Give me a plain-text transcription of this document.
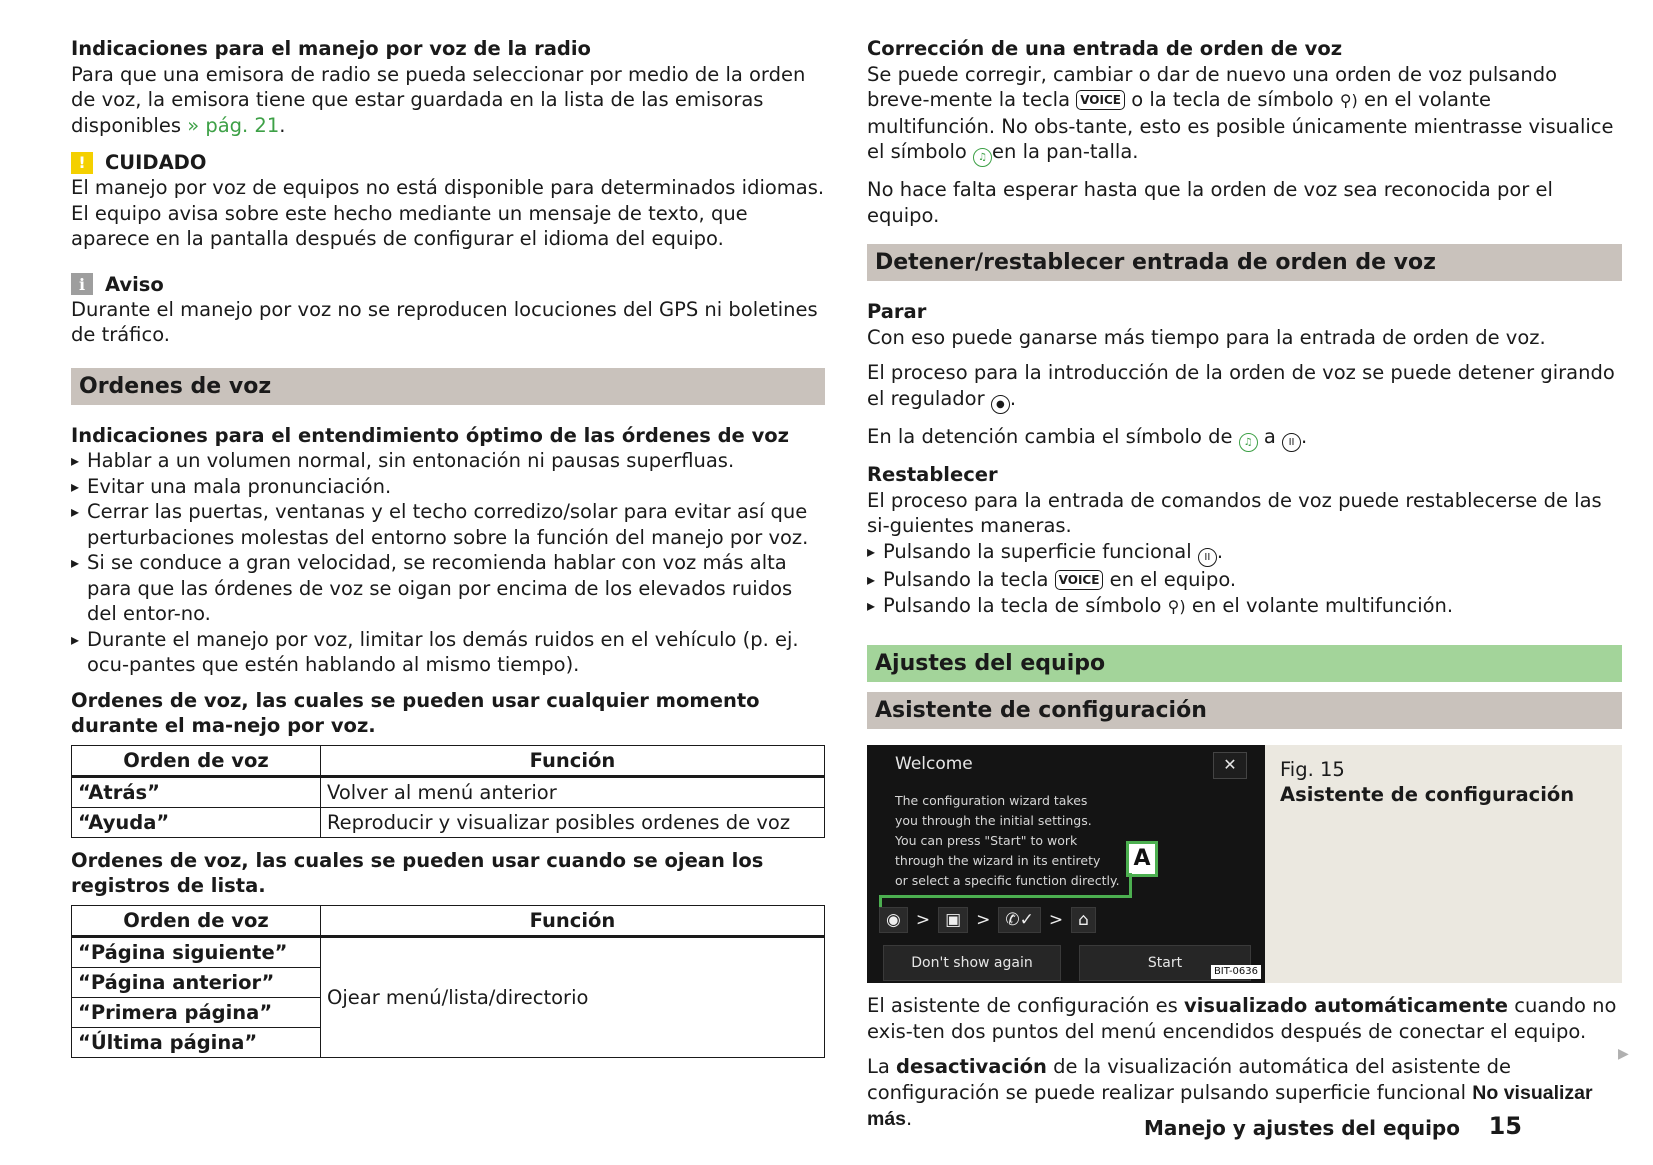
Indicaciones para el manejo por voz de la radio

Para que una emisora de radio se pueda seleccionar por medio de la orden de voz, la emisora tiene que estar guardada en la lista de las emisoras disponibles » pág. 21.

! CUIDADO

El manejo por voz de equipos no está disponible para determinados idiomas. El equipo avisa sobre este hecho mediante un mensaje de texto, que aparece en la pantalla después de configurar el idioma del equipo.

i	Aviso

Durante el manejo por voz no se reproducen locuciones del GPS ni boletines de tráfico.

Ordenes de voz

Indicaciones para el entendimiento óptimo de las órdenes de voz

▸ Hablar a un volumen normal, sin entonación ni pausas superfluas.
▸ Evitar una mala pronunciación.
▸ Cerrar las puertas, ventanas y el techo corredizo/solar para evitar así que perturbaciones molestas del entorno sobre la función del manejo por voz.
▸ Si se conduce a gran velocidad, se recomienda hablar con voz más alta para que las órdenes de voz se oigan por encima de los elevados ruidos del entor-no.
▸ Durante el manejo por voz, limitar los demás ruidos en el vehículo (p. ej. ocu-pantes que estén hablando al mismo tiempo).

Ordenes de voz, las cuales se pueden usar cualquier momento durante el ma-nejo por voz.

Orden de voz	Función
“Atrás”	Volver al menú anterior
“Ayuda”	Reproducir y visualizar posibles ordenes de voz

Ordenes de voz, las cuales se pueden usar cuando se ojean los registros de lista.

Orden de voz	Función
“Página siguiente”	Ojear menú/lista/directorio
“Página anterior”	
“Primera página”	
“Última página”	

Corrección de una entrada de orden de voz

Se puede corregir, cambiar o dar de nuevo una orden de voz pulsando breve-mente la tecla VOICE o la tecla de símbolo ⚲) en el volante multifunción. No obs-tante, esto es posible únicamente mientrasse visualice el símbolo ♫ en la pan-talla.

No hace falta esperar hasta que la orden de voz sea reconocida por el equipo.

Detener/restablecer entrada de orden de voz

Parar

Con eso puede ganarse más tiempo para la entrada de orden de voz.

El proceso para la introducción de la orden de voz se puede detener girando el regulador ● .

En la detención cambia el símbolo de ♫ a II .

Restablecer

El proceso para la entrada de comandos de voz puede restablecerse de las si-guientes maneras.

▸ Pulsando la superficie funcional II .
▸ Pulsando la tecla VOICE en el equipo.
▸ Pulsando la tecla de símbolo ⚲) en el volante multifunción.
Ajustes del equipo
Asistente de configuración
Welcome	✕
The configuration wizard takes
you through the initial settings.
You can press "Start" to work
through the wizard in its entirety
or select a specific function directly.
A
◉ > ▣ > ✆✓ > ⌂
Don't show again	Start
BIT-0636
Fig. 15
Asistente de configuración

El asistente de configuración es visualizado automáticamente cuando no exis-ten dos puntos del menú encendidos después de conectar el equipo.

La desactivación de la visualización automática del asistente de configuración se puede realizar pulsando superficie funcional No visualizar más.

▶
Manejo y ajustes del equipo 15
